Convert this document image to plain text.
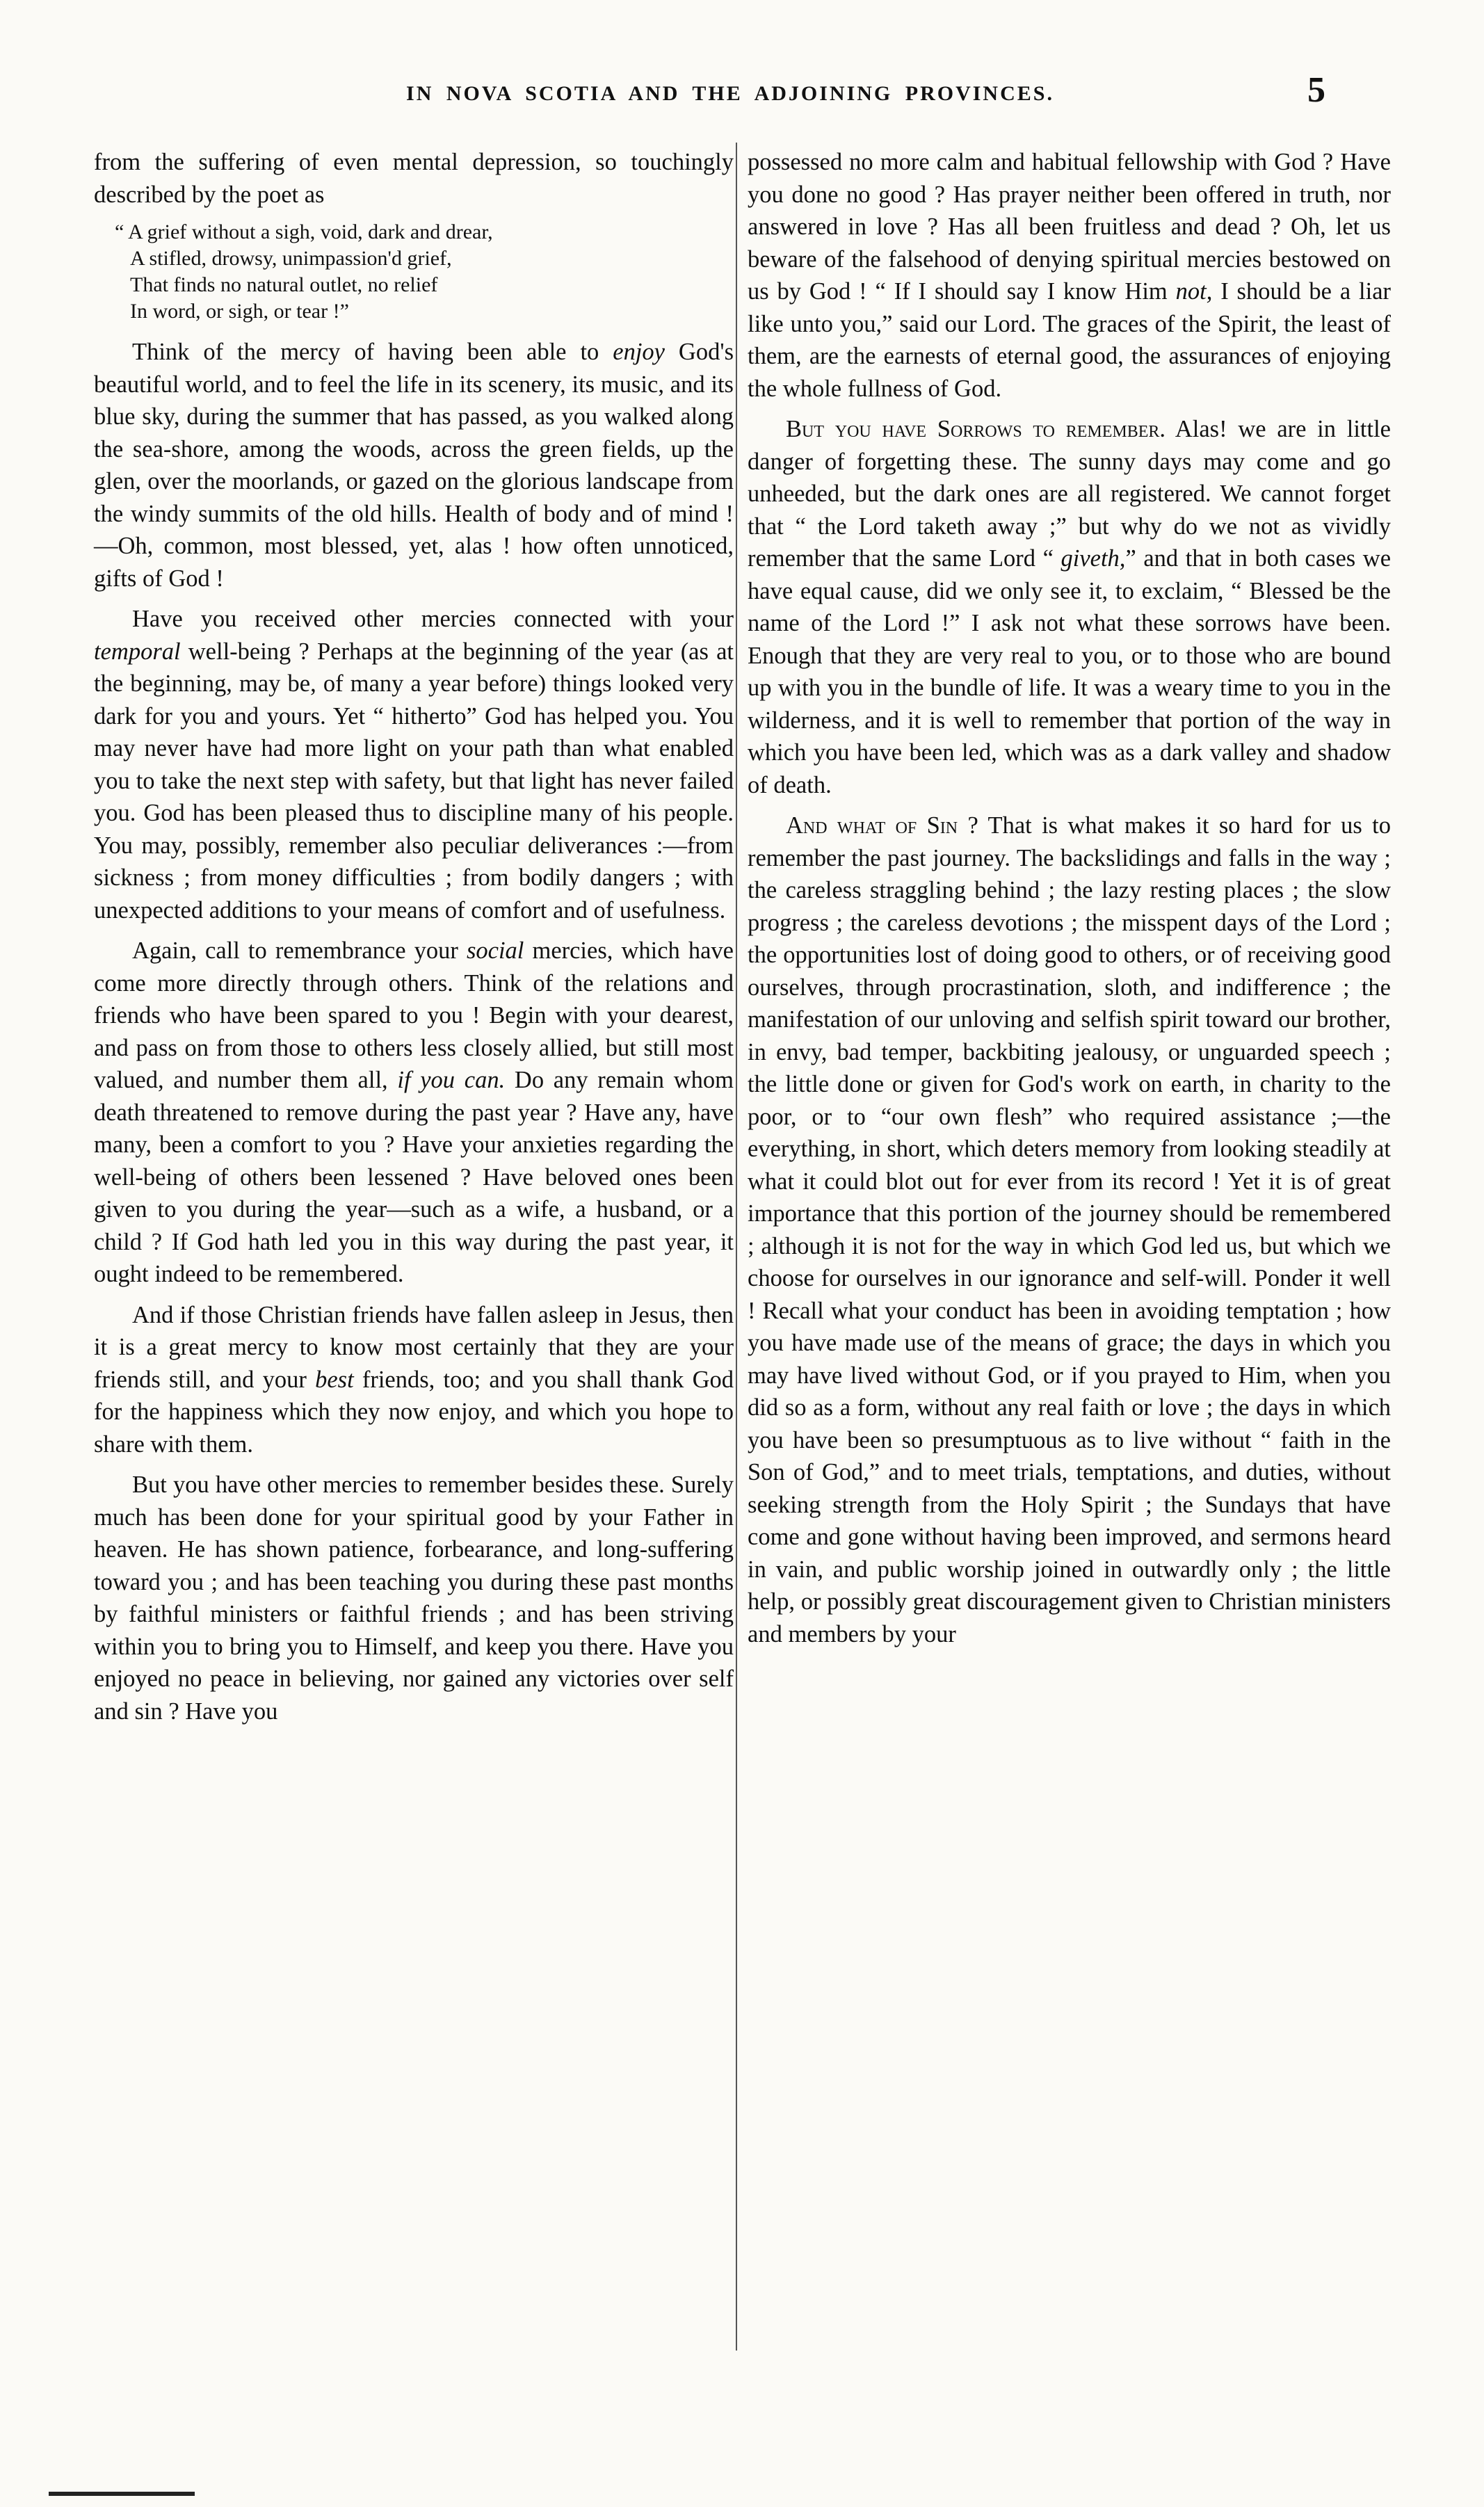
IN NOVA SCOTIA AND THE ADJOINING PROVINCES.	5

from the suffering of even mental depression, so touchingly described by the poet as

“ A grief without a sigh, void, dark and drear,
A stifled, drowsy, unimpassion'd grief,
That finds no natural outlet, no relief
In word, or sigh, or tear !”

Think of the mercy of having been able to enjoy God's beautiful world, and to feel the life in its scenery, its music, and its blue sky, during the summer that has passed, as you walked along the sea-shore, among the woods, across the green fields, up the glen, over the moorlands, or gazed on the glorious landscape from the windy summits of the old hills. Health of body and of mind !—Oh, common, most blessed, yet, alas ! how often unnoticed, gifts of God !

Have you received other mercies connected with your temporal well-being ? Perhaps at the beginning of the year (as at the beginning, may be, of many a year before) things looked very dark for you and yours. Yet “ hitherto” God has helped you. You may never have had more light on your path than what enabled you to take the next step with safety, but that light has never failed you. God has been pleased thus to discipline many of his people. You may, possibly, remember also peculiar deliverances :—from sickness ; from money difficulties ; from bodily dangers ; with unexpected additions to your means of comfort and of usefulness.

Again, call to remembrance your social mercies, which have come more directly through others. Think of the relations and friends who have been spared to you ! Begin with your dearest, and pass on from those to others less closely allied, but still most valued, and number them all, if you can. Do any remain whom death threatened to remove during the past year ? Have any, have many, been a comfort to you ? Have your anxieties regarding the well-being of others been lessened ? Have beloved ones been given to you during the year—such as a wife, a husband, or a child ? If God hath led you in this way during the past year, it ought indeed to be remembered.

And if those Christian friends have fallen asleep in Jesus, then it is a great mercy to know most certainly that they are your friends still, and your best friends, too; and you shall thank God for the happiness which they now enjoy, and which you hope to share with them.

But you have other mercies to remember besides these. Surely much has been done for your spiritual good by your Father in heaven. He has shown patience, forbearance, and long-suffering toward you ; and has been teaching you during these past months by faithful ministers or faithful friends ; and has been striving within you to bring you to Himself, and keep you there. Have you enjoyed no peace in believing, nor gained any victories over self and sin ? Have you

possessed no more calm and habitual fellowship with God ? Have you done no good ? Has prayer neither been offered in truth, nor answered in love ? Has all been fruitless and dead ? Oh, let us beware of the falsehood of denying spiritual mercies bestowed on us by God ! “ If I should say I know Him not, I should be a liar like unto you,” said our Lord. The graces of the Spirit, the least of them, are the earnests of eternal good, the assurances of enjoying the whole fullness of God.

But you have Sorrows to remember. Alas! we are in little danger of forgetting these. The sunny days may come and go unheeded, but the dark ones are all registered. We cannot forget that “ the Lord taketh away ;” but why do we not as vividly remember that the same Lord “ giveth,” and that in both cases we have equal cause, did we only see it, to exclaim, “ Blessed be the name of the Lord !” I ask not what these sorrows have been. Enough that they are very real to you, or to those who are bound up with you in the bundle of life. It was a weary time to you in the wilderness, and it is well to remember that portion of the way in which you have been led, which was as a dark valley and shadow of death.

And what of Sin ? That is what makes it so hard for us to remember the past journey. The backslidings and falls in the way ; the careless straggling behind ; the lazy resting places ; the slow progress ; the careless devotions ; the misspent days of the Lord ; the opportunities lost of doing good to others, or of receiving good ourselves, through procrastination, sloth, and indifference ; the manifestation of our unloving and selfish spirit toward our brother, in envy, bad temper, backbiting jealousy, or unguarded speech ; the little done or given for God's work on earth, in charity to the poor, or to “our own flesh” who required assistance ;—the everything, in short, which deters memory from looking steadily at what it could blot out for ever from its record ! Yet it is of great importance that this portion of the journey should be remembered ; although it is not for the way in which God led us, but which we choose for ourselves in our ignorance and self-will. Ponder it well ! Recall what your conduct has been in avoiding temptation ; how you have made use of the means of grace; the days in which you may have lived without God, or if you prayed to Him, when you did so as a form, without any real faith or love ; the days in which you have been so presumptuous as to live without “ faith in the Son of God,” and to meet trials, temptations, and duties, without seeking strength from the Holy Spirit ; the Sundays that have come and gone without having been improved, and sermons heard in vain, and public worship joined in outwardly only ; the little help, or possibly great discouragement given to Christian ministers and members by your
